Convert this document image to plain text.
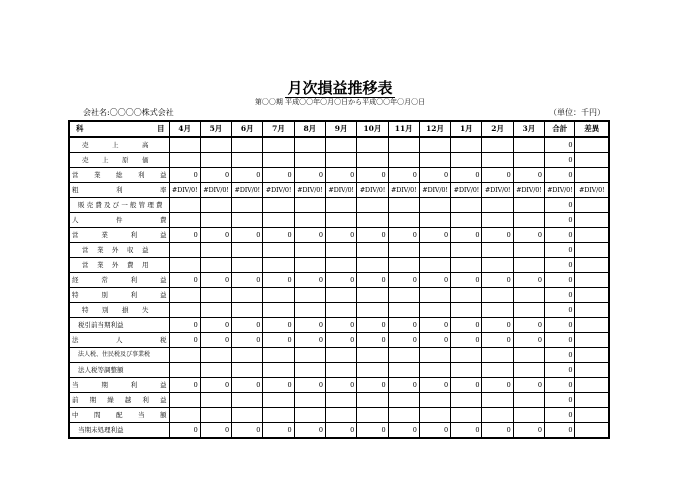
月次損益推移表
第〇〇期 平成〇〇年〇月〇日から平成〇〇年〇月〇日
会社名:〇〇〇〇株式会社	（単位：千円）
科 目	4月	5月	6月	7月	8月	9月	10月	11月	12月	1月	2月	3月	合計	差異
売　上　高													0	
売　上　原　価													0	
営　業　総　利　益	0	0	0	0	0	0	0	0	0	0	0	0	0	
粗　　利　　率	#DIV/0!	#DIV/0!	#DIV/0!	#DIV/0!	#DIV/0!	#DIV/0!	#DIV/0!	#DIV/0!	#DIV/0!	#DIV/0!	#DIV/0!	#DIV/0!	#DIV/0!	#DIV/0!
販売費及び一般管理費													0	
人　　件　　費													0	
営　業　利　益	0	0	0	0	0	0	0	0	0	0	0	0	0	
営　業　外　収　益													0	
営　業　外　費　用													0	
経　常　利　益	0	0	0	0	0	0	0	0	0	0	0	0	0	
特　別　利　益													0	
特　別　損　失													0	
税引前当期利益	0	0	0	0	0	0	0	0	0	0	0	0	0	
法　　人　　税	0	0	0	0	0	0	0	0	0	0	0	0	0	
法人税、住民税及び事業税													0	
法人税等調整額													0	
当　期　利　益	0	0	0	0	0	0	0	0	0	0	0	0	0	
前期繰越利益													0	
中　間　配　当　額													0	
当期未処理利益	0	0	0	0	0	0	0	0	0	0	0	0	0	
